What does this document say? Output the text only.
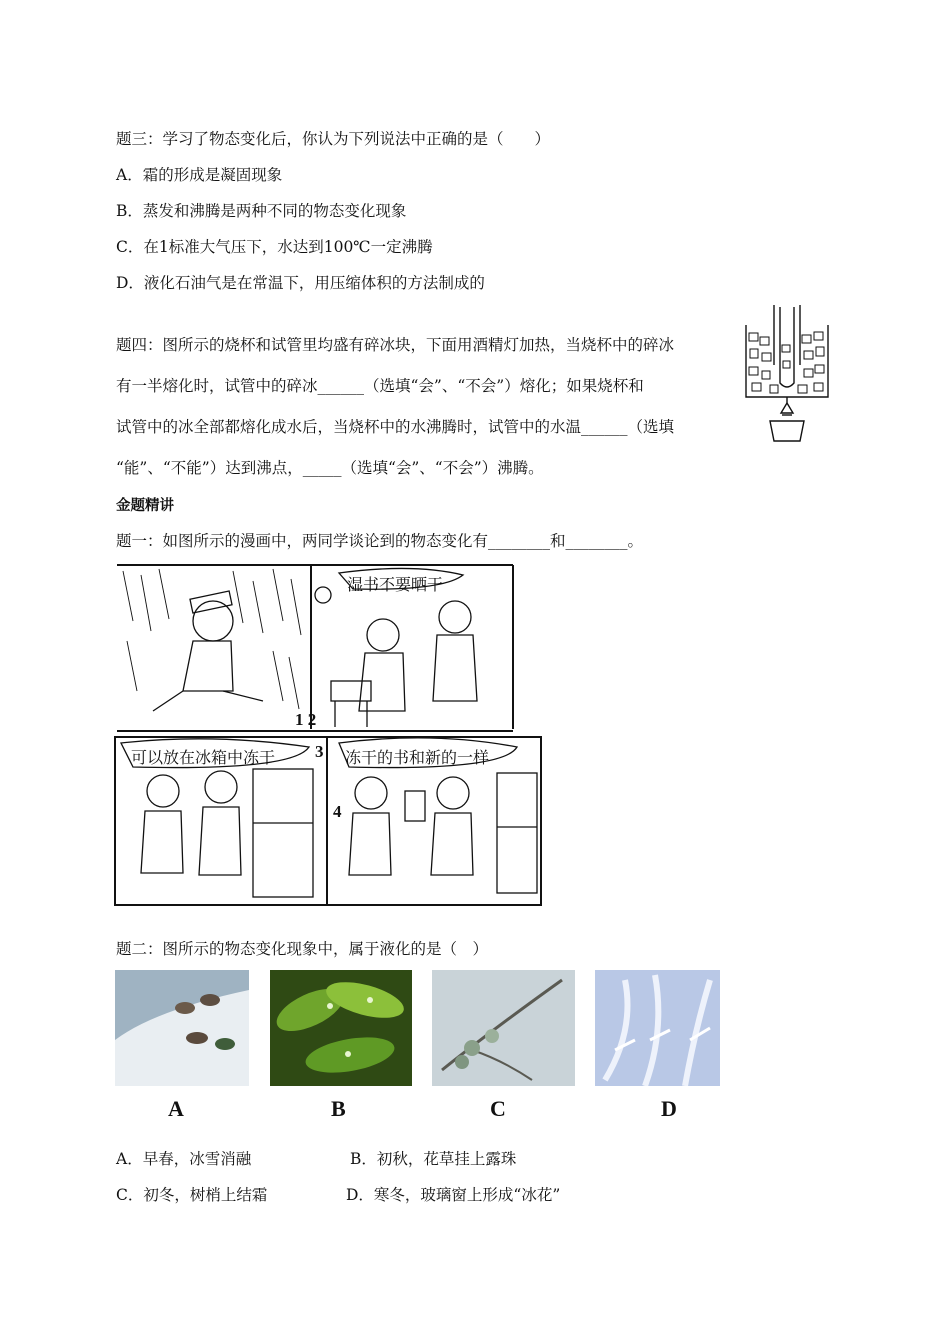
题三：学习了物态变化后，你认为下列说法中正确的是（　　）
A．霜的形成是凝固现象
B．蒸发和沸腾是两种不同的物态变化现象
C．在1标准大气压下，水达到100℃一定沸腾
D．液化石油气是在常温下，用压缩体积的方法制成的
题四：图所示的烧杯和试管里均盛有碎冰块，下面用酒精灯加热，当烧杯中的碎冰
有一半熔化时，试管中的碎冰______（选填“会”、“不会”）熔化；如果烧杯和
试管中的冰全部都熔化成水后，当烧杯中的水沸腾时，试管中的水温______（选填
“能”、“不能”）达到沸点，_____（选填“会”、“不会”）沸腾。
金题精讲
题一：如图所示的漫画中，两同学谈论到的物态变化有________和________。
湿书不要晒干
可以放在冰箱中冻干	冻干的书和新的一样
1 2
3
4
题二：图所示的物态变化现象中，属于液化的是（　）
A	B	C	D
A．早春，冰雪消融	B．初秋，花草挂上露珠
C．初冬，树梢上结霜	D．寒冬，玻璃窗上形成“冰花”
